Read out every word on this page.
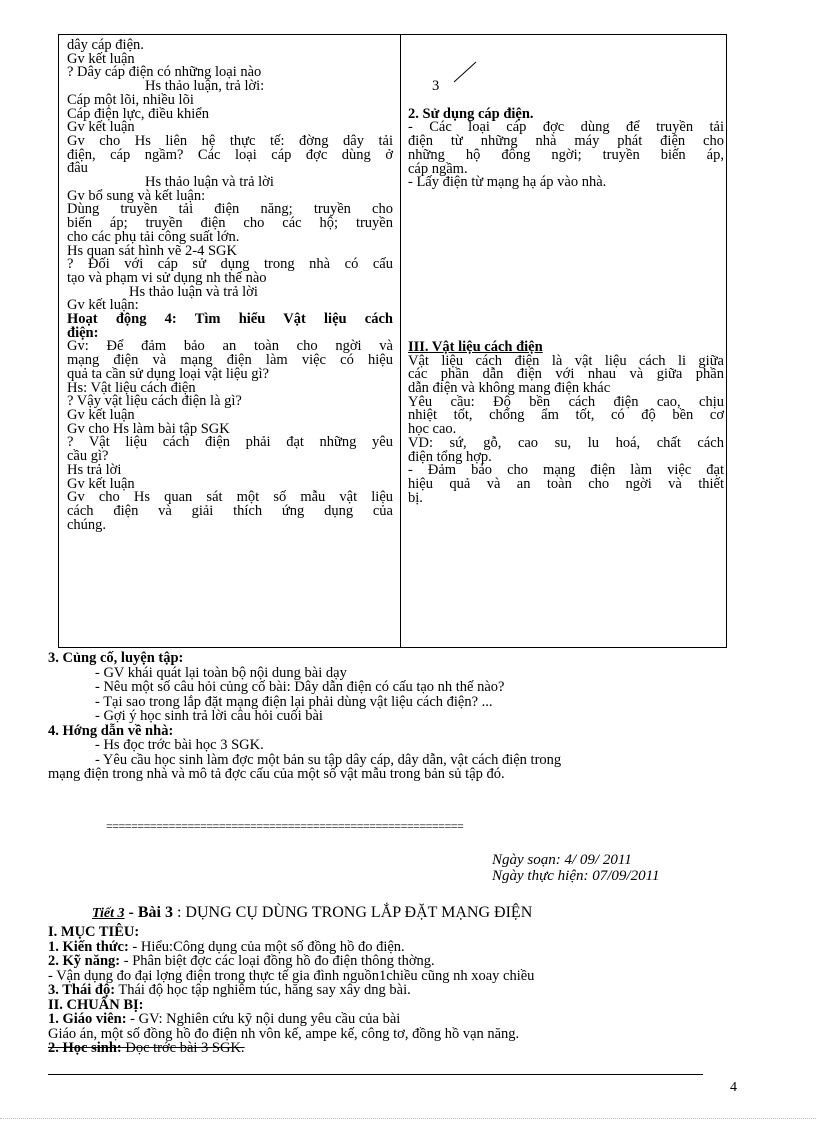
dây cáp điện.
Gv kết luận
? Dây cáp điện có những loại nào
Hs thảo luận, trả lời:
Cáp một lõi, nhiều lõi
Cáp điện lực, điều khiển
Gv kết luận
Gv cho Hs liên hệ thực tế: đờng dây tải
điện, cáp ngầm? Các loại cáp đợc dùng ở
đâu
Hs thảo luận và trả lời
Gv bổ sung và kết luận:
Dùng truyền tải điện năng; truyền cho
biến áp; truyền điện cho các hộ; truyền
cho các phụ tải công suất lớn.
Hs quan sát hình vẽ 2-4 SGK
? Đối với cáp sử dụng trong nhà có cấu
tạo và phạm vi sử dụng nh thế nào
Hs thảo luận và trả lời
Gv kết luận:
Hoạt động 4: Tìm hiểu Vật liệu cách
điện:
Gv: Để đảm bảo an toàn cho ngời và
mạng điện và mạng điện làm việc có hiệu
quả ta cần sử dụng loại vật liệu gì?
Hs: Vật liệu cách điện
? Vậy vật liệu cách điện là gì?
Gv kết luận
Gv cho Hs làm bài tập SGK
? Vật liệu cách điện phải đạt những yêu
cầu gì?
Hs trả lời
Gv kết luận
Gv cho Hs quan sát một số mẫu vật liệu
cách điện và giải thích ứng dụng của
chúng.
3
2. Sử dụng cáp điện.
- Các loại cáp đợc dùng để truyền tải
điện từ những nhà máy phát điện cho
những hộ đông ngời; truyền biến áp,
cáp ngầm.
- Lấy điện từ mạng hạ áp vào nhà.
III. Vật liệu cách điện
Vật liệu cách điện là vật liệu cách li giữa
các phần dẫn điện với nhau và giữa phần
dẫn điện và không mang điện khác
Yêu cầu: Độ bền cách điện cao, chịu
nhiệt tốt, chống ẩm tốt, có độ bền cơ
học cao.
VD: sứ, gỗ, cao su, lu hoá, chất cách
điện tổng hợp.
- Đảm bảo cho mạng điện làm việc đạt
hiệu quả và an toàn cho ngời và thiết
bị.
3. Củng cố, luyện tập:
- GV khái quát lại toàn bộ nội dung bài dạy
- Nêu một số câu hỏi củng cố bài: Dây dẫn điện có cấu tạo nh thế nào?
- Tại sao trong lắp đặt mạng điện lại phải dùng vật liệu cách điện? ...
- Gợi ý học sinh trả lời câu hỏi cuối bài
4. Hớng dẫn về nhà:
- Hs đọc trớc bài học 3 SGK.
- Yêu cầu học sinh làm đợc một bản su tập dây cáp, dây dẫn, vật cách điện trong
mạng điện trong nhà và mô tả đợc cấu của một số vật mẫu trong bản sủ tập đó.
=========================================================
Ngày soạn: 4/ 09/ 2011
Ngày thực hiện: 07/09/2011
Tiết 3 - Bài 3 : DỤNG CỤ DÙNG TRONG LẮP ĐẶT MẠNG ĐIỆN
I. MỤC TIÊU:
1. Kiến thức: - Hiểu:Công dụng của một số đồng hồ đo điện.
2. Kỹ năng: - Phân biệt đợc các loại đồng hồ đo điện thông thờng.
- Vận dụng đo đại lợng điện trong thực tế gia đình nguồn1chiều cũng nh xoay chiều
3. Thái độ: Thái độ học tập nghiêm túc, hăng say xây dng bài.
II. CHUẨN BỊ:
1. Giáo viên: - GV: Nghiên cứu kỹ nội dung yêu cầu của bài
Giáo án, một số đồng hồ đo điện nh vôn kế, ampe kế, công tơ, đồng hồ vạn năng.
2. Học sinh: Đọc trớc bài 3 SGK.
4
